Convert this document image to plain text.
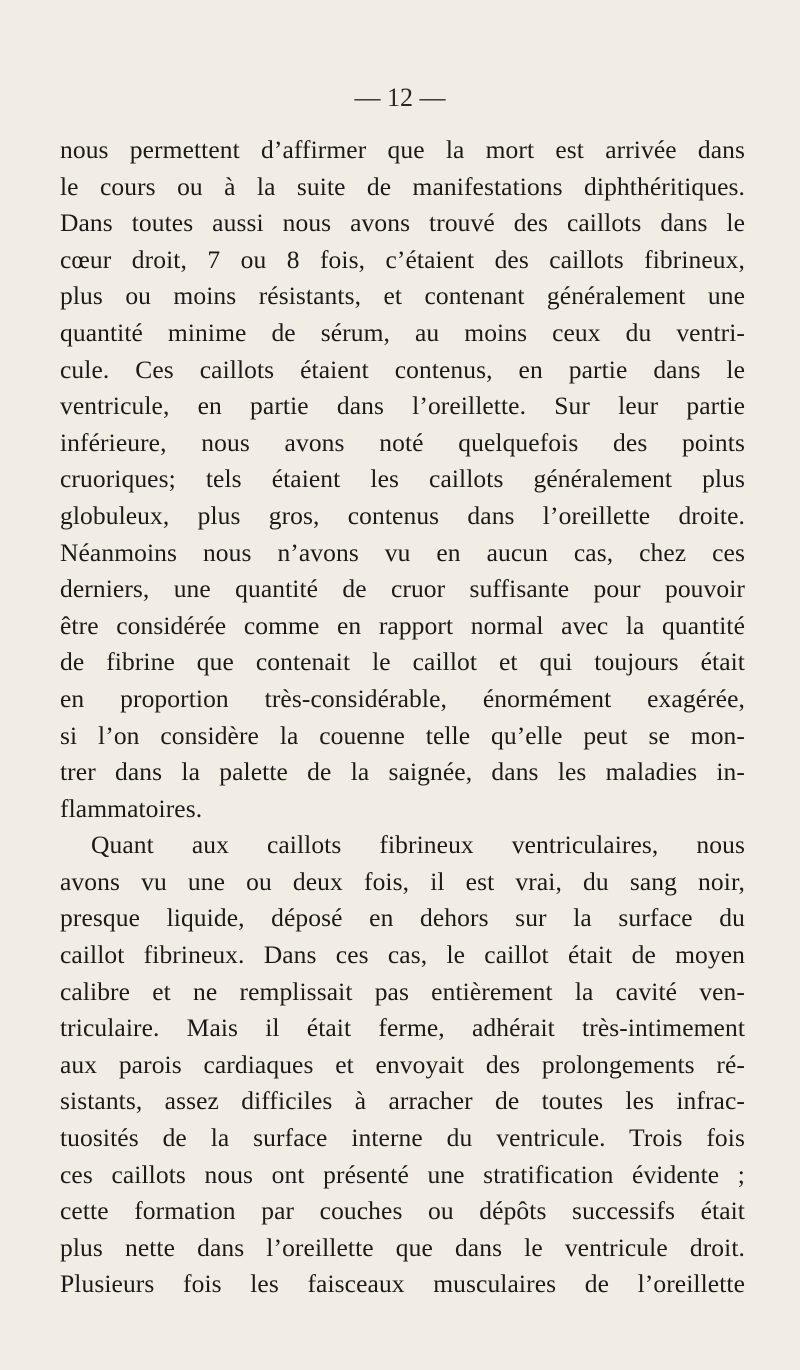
— 12 —
nous permettent d’affirmer que la mort est arrivée dans
le cours ou à la suite de manifestations diphthéritiques.
Dans toutes aussi nous avons trouvé des caillots dans le
cœur droit, 7 ou 8 fois, c’étaient des caillots fibrineux,
plus ou moins résistants, et contenant généralement une
quantité minime de sérum, au moins ceux du ventri-
cule. Ces caillots étaient contenus, en partie dans le
ventricule, en partie dans l’oreillette. Sur leur partie
inférieure, nous avons noté quelquefois des points
cruoriques; tels étaient les caillots généralement plus
globuleux, plus gros, contenus dans l’oreillette droite.
Néanmoins nous n’avons vu en aucun cas, chez ces
derniers, une quantité de cruor suffisante pour pouvoir
être considérée comme en rapport normal avec la quantité
de fibrine que contenait le caillot et qui toujours était
en proportion très-considérable, énormément exagérée,
si l’on considère la couenne telle qu’elle peut se mon-
trer dans la palette de la saignée, dans les maladies in-
flammatoires.
Quant aux caillots fibrineux ventriculaires, nous
avons vu une ou deux fois, il est vrai, du sang noir,
presque liquide, déposé en dehors sur la surface du
caillot fibrineux. Dans ces cas, le caillot était de moyen
calibre et ne remplissait pas entièrement la cavité ven-
triculaire. Mais il était ferme, adhérait très-intimement
aux parois cardiaques et envoyait des prolongements ré-
sistants, assez difficiles à arracher de toutes les infrac-
tuosités de la surface interne du ventricule. Trois fois
ces caillots nous ont présenté une stratification évidente ;
cette formation par couches ou dépôts successifs était
plus nette dans l’oreillette que dans le ventricule droit.
Plusieurs fois les faisceaux musculaires de l’oreillette
